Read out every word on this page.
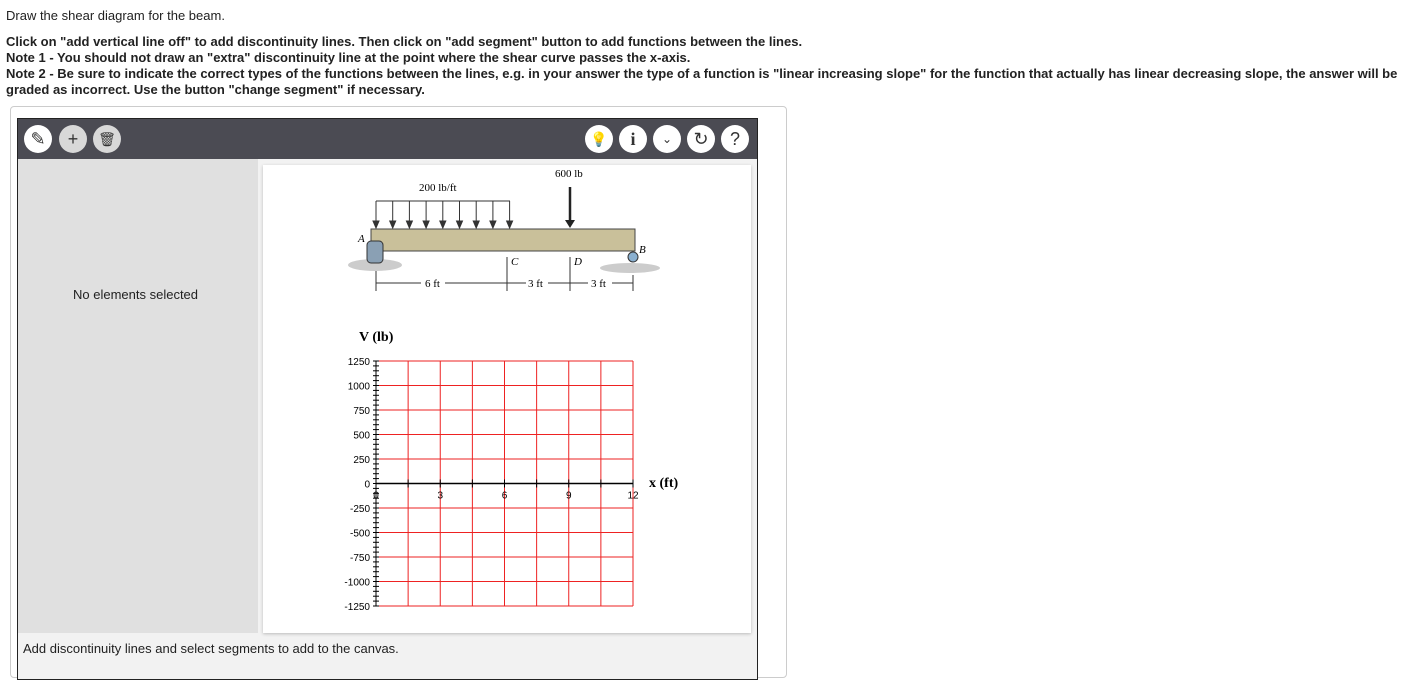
Draw the shear diagram for the beam.

Click on "add vertical line off" to add discontinuity lines. Then click on "add segment" button to add functions between the lines.

Note 1 - You should not draw an "extra" discontinuity line at the point where the shear curve passes the x-axis.

Note 2 - Be sure to indicate the correct types of the functions between the lines, e.g. in your answer the type of a function is "linear increasing slope" for the function that actually has linear decreasing slope, the answer will be graded as incorrect. Use the button "change segment" if necessary.

✎ + 🗑	💡 i ⌄ ↻ ?
No elements selected
200 lb/ft
600 lb
A
B
C	D
6 ft	3 ft	3 ft
V (lb)
x (ft)
1250
1000
750
500
250
0
-250
-500
-750
-1000
-1250
0	3	6	9	12
Add discontinuity lines and select segments to add to the canvas.
